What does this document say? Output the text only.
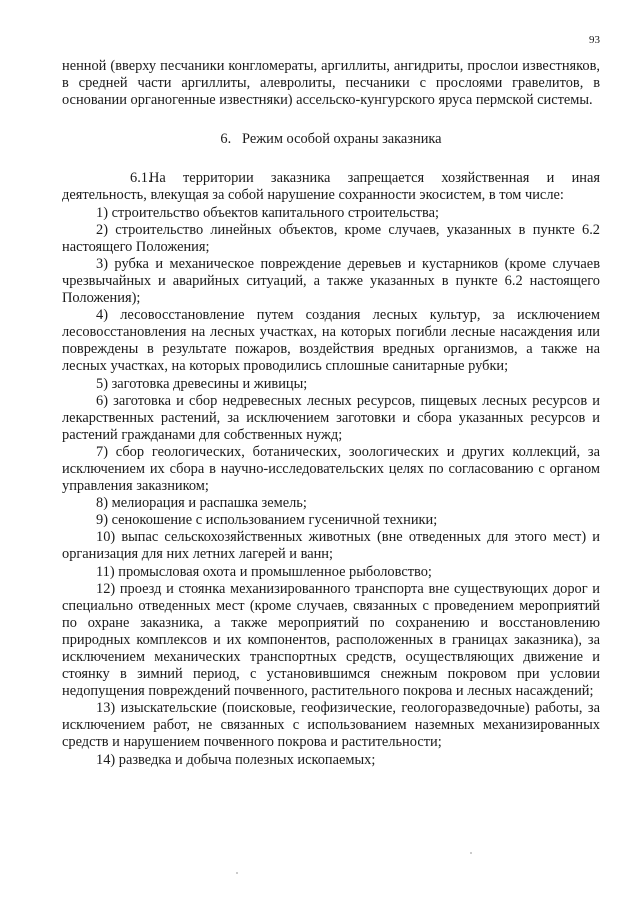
93

ненной (вверху песчаники конгломераты, аргиллиты, ангидриты, прослои известняков, в средней части аргиллиты, алевролиты, песчаники с прослоями гравелитов, в основании органогенные известняки) ассельско-кунгурского яруса пермской системы.

6. Режим особой охраны заказника

6.1.На территории заказника запрещается хозяйственная и иная деятельность, влекущая за собой нарушение сохранности экосистем, в том числе:

1) строительство объектов капитального строительства;

2) строительство линейных объектов, кроме случаев, указанных в пункте 6.2 настоящего Положения;

3) рубка и механическое повреждение деревьев и кустарников (кроме случаев чрезвычайных и аварийных ситуаций, а также указанных в пункте 6.2 настоящего Положения);

4) лесовосстановление путем создания лесных культур, за исключением лесовосстановления на лесных участках, на которых погибли лесные насаждения или повреждены в результате пожаров, воздействия вредных организмов, а также на лесных участках, на которых проводились сплошные санитарные рубки;

5) заготовка древесины и живицы;

6) заготовка и сбор недревесных лесных ресурсов, пищевых лесных ресурсов и лекарственных растений, за исключением заготовки и сбора указанных ресурсов и растений гражданами для собственных нужд;

7) сбор геологических, ботанических, зоологических и других коллекций, за исключением их сбора в научно-исследовательских целях по согласованию с органом управления заказником;

8) мелиорация и распашка земель;

9) сенокошение с использованием гусеничной техники;

10) выпас сельскохозяйственных животных (вне отведенных для этого мест) и организация для них летних лагерей и ванн;

11) промысловая охота и промышленное рыболовство;

12) проезд и стоянка механизированного транспорта вне существующих дорог и специально отведенных мест (кроме случаев, связанных с проведением мероприятий по охране заказника, а также мероприятий по сохранению и восстановлению природных комплексов и их компонентов, расположенных в границах заказника), за исключением механических транспортных средств, осуществляющих движение и стоянку в зимний период, с установившимся снежным покровом при условии недопущения повреждений почвенного, растительного покрова и лесных насаждений;

13) изыскательские (поисковые, геофизические, геологоразведочные) работы, за исключением работ, не связанных с использованием наземных механизированных средств и нарушением почвенного покрова и растительности;

14) разведка и добыча полезных ископаемых;
